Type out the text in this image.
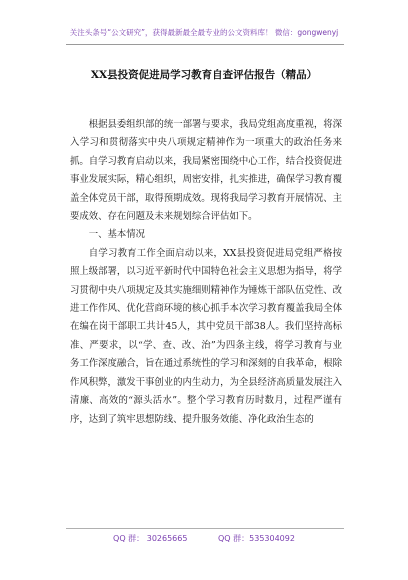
关注头条号“公文研究”，获得最新最全最专业的公文资料库！ 微信：gongwenyj
XX县投资促进局学习教育自查评估报告（精品）

根据县委组织部的统一部署与要求，我局党组高度重视，将深入学习和贯彻落实中央八项规定精神作为一项重大的政治任务来抓。自学习教育启动以来，我局紧密围绕中心工作，结合投资促进事业发展实际，精心组织，周密安排，扎实推进，确保学习教育覆盖全体党员干部，取得预期成效。现将我局学习教育开展情况、主要成效、存在问题及未来规划综合评估如下。

一、基本情况

自学习教育工作全面启动以来，XX县投资促进局党组严格按照上级部署，以习近平新时代中国特色社会主义思想为指导，将学习贯彻中央八项规定及其实施细则精神作为锤炼干部队伍党性、改进工作作风、优化营商环境的核心抓手本次学习教育覆盖我局全体在编在岗干部职工共计45人，其中党员干部38人。我们坚持高标准、严要求，以“学、查、改、治”为四条主线，将学习教育与业务工作深度融合，旨在通过系统性的学习和深刻的自我革命，根除作风积弊，激发干事创业的内生动力，为全县经济高质量发展注入清廉、高效的“源头活水”。整个学习教育历时数月，过程严谨有序，达到了筑牢思想防线、提升服务效能、净化政治生态的

QQ 群： 30265665	QQ 群：535304092
